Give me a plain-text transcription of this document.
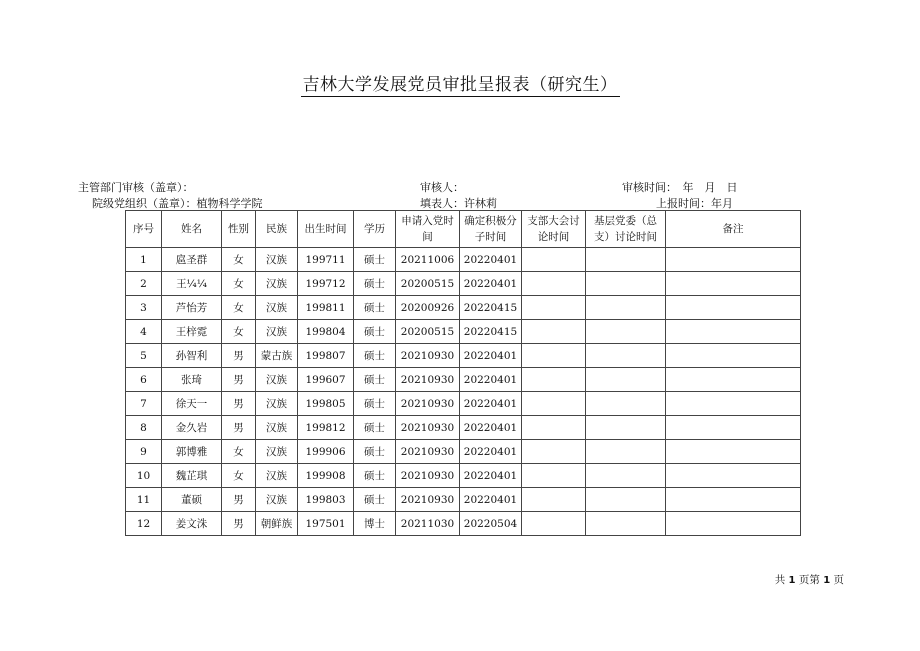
吉林大学发展党员审批呈报表（研究生）
主管部门审核（盖章）：	审核人：	审核时间：　年　月　日
院级党组织（盖章）：植物科学学院	填表人：许林莉	上报时间：年月
序号	姓名	性别	民族	出生时间	学历	申请入党时间	确定积极分子时间	支部大会讨论时间	基层党委（总支）讨论时间	备注
1	扈圣群	女	汉族	199711	硕士	20211006	20220401			
2	王¼¼	女	汉族	199712	硕士	20200515	20220401			
3	芦怡芳	女	汉族	199811	硕士	20200926	20220415			
4	王梓霓	女	汉族	199804	硕士	20200515	20220415			
5	孙智利	男	蒙古族	199807	硕士	20210930	20220401			
6	张琦	男	汉族	199607	硕士	20210930	20220401			
7	徐天一	男	汉族	199805	硕士	20210930	20220401			
8	金久岩	男	汉族	199812	硕士	20210930	20220401			
9	郭博雅	女	汉族	199906	硕士	20210930	20220401			
10	魏芷琪	女	汉族	199908	硕士	20210930	20220401			
11	董硕	男	汉族	199803	硕士	20210930	20220401			
12	姜文洙	男	朝鲜族	197501	博士	20211030	20220504			
共 1 页第 1 页
